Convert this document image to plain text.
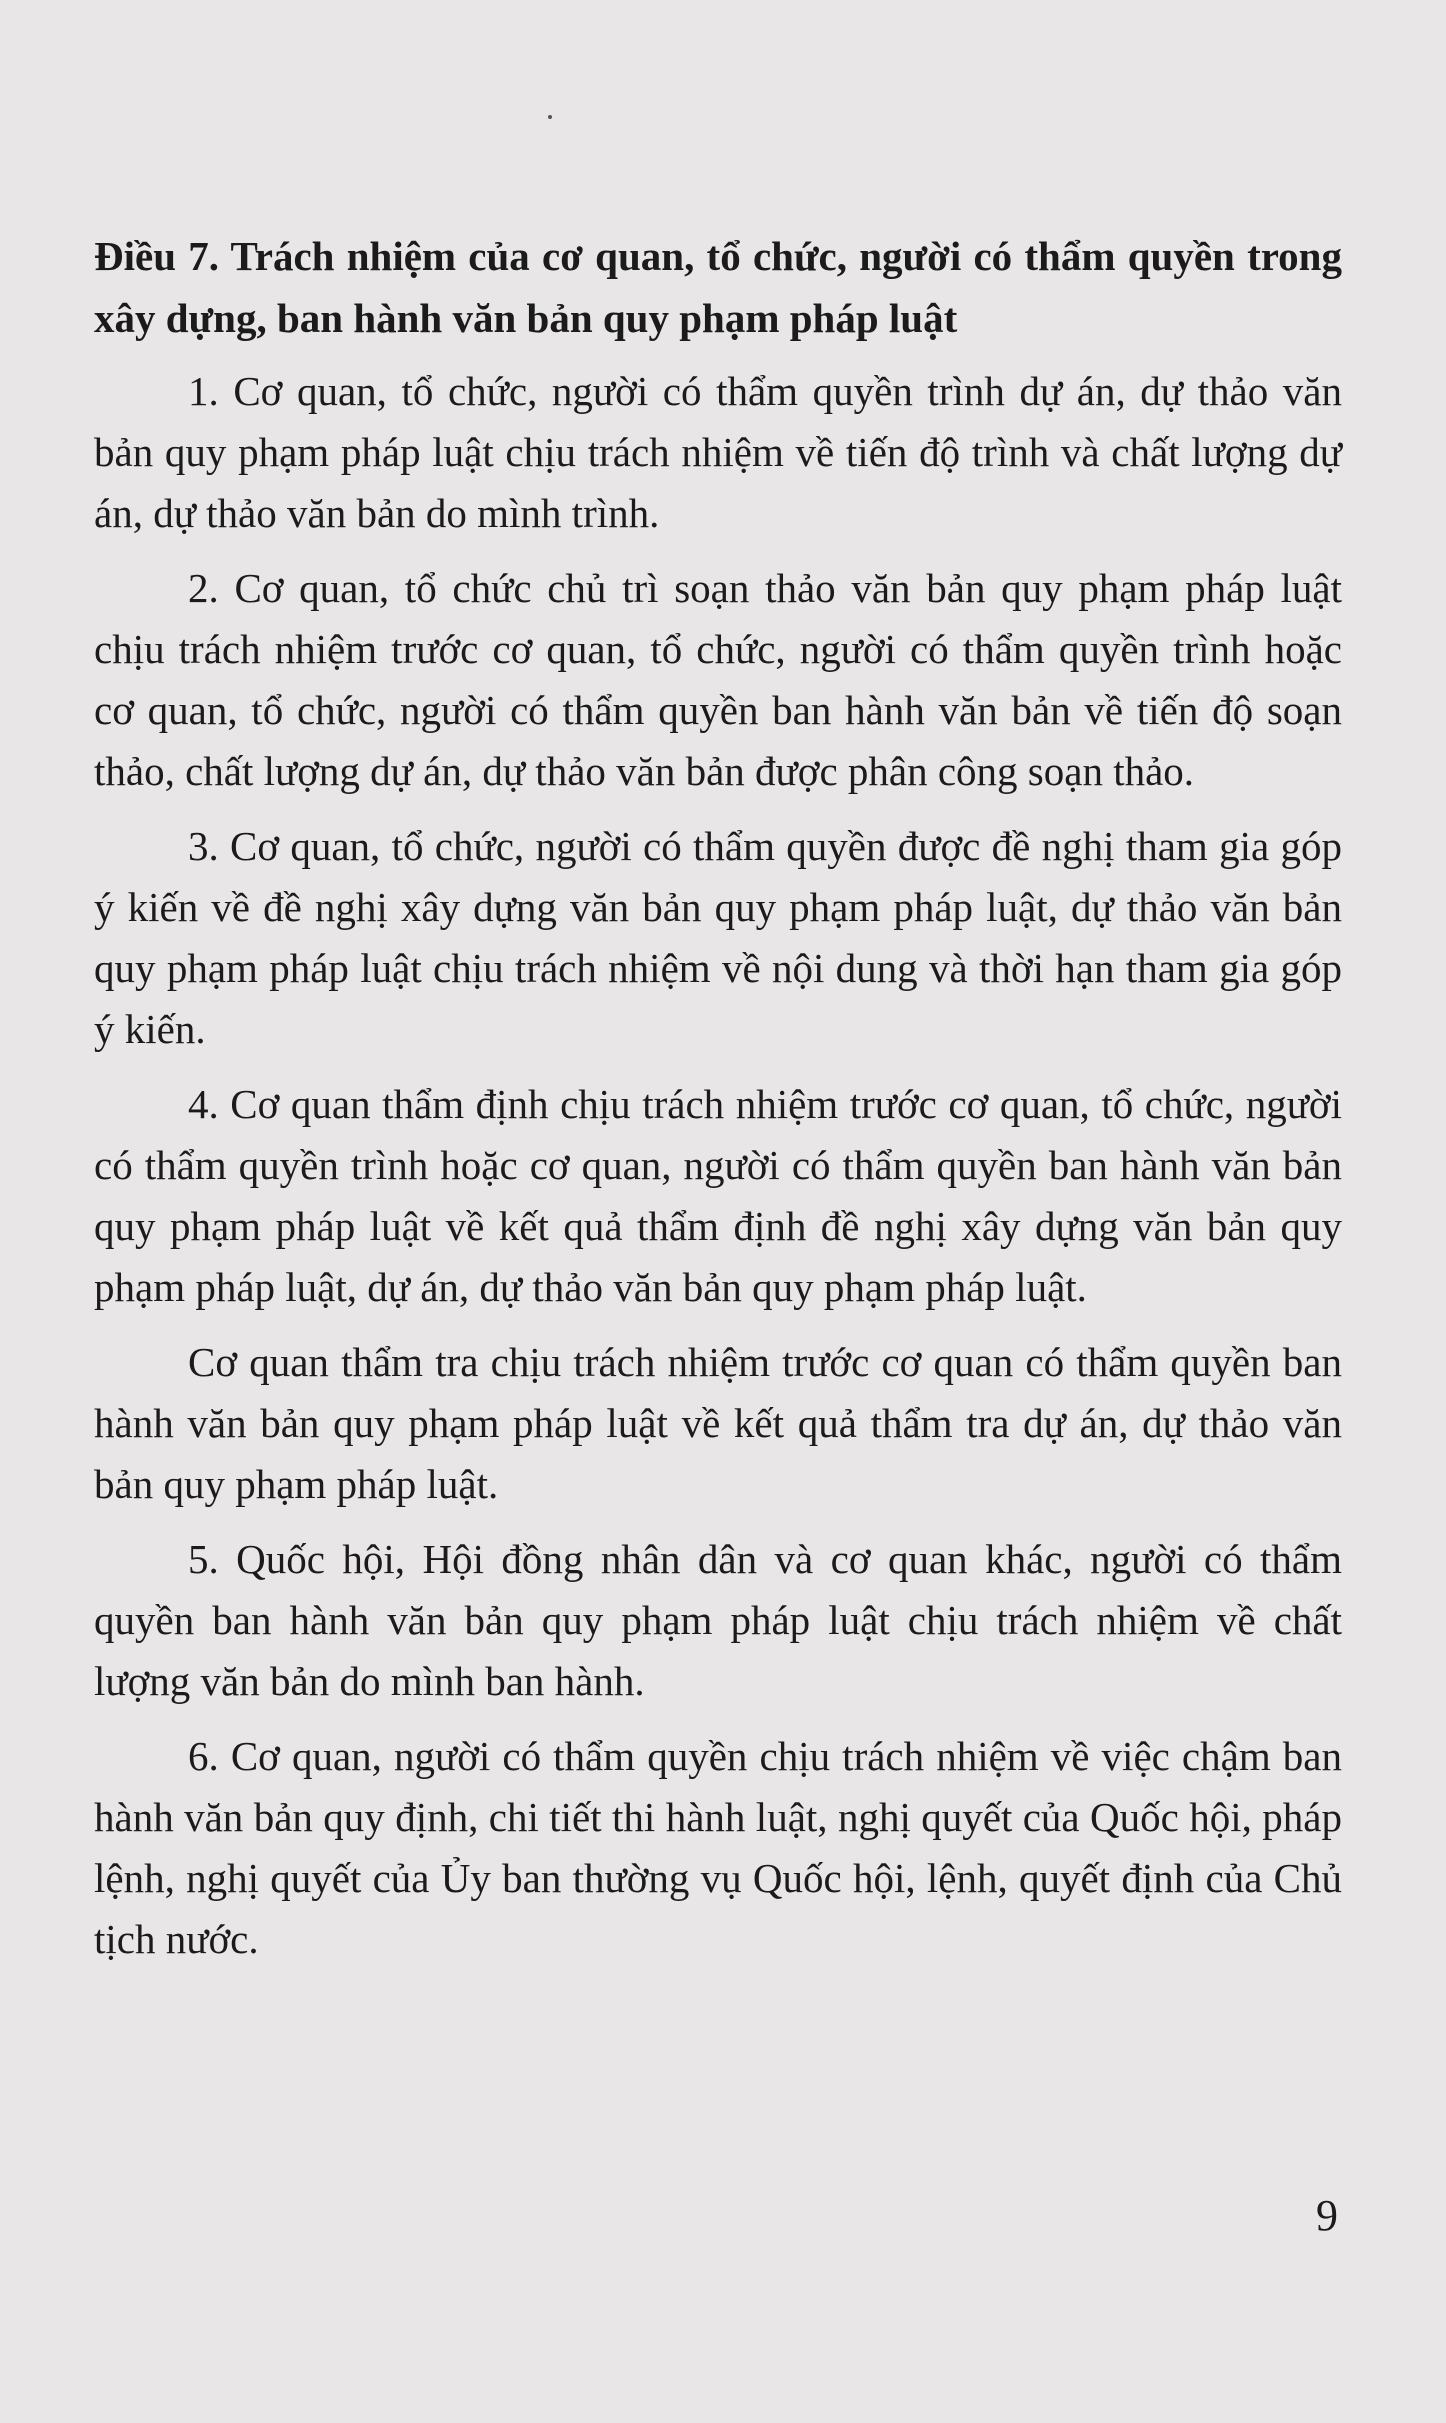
Điều 7. Trách nhiệm của cơ quan, tổ chức, người có thẩm quyền trong xây dựng, ban hành văn bản quy phạm pháp luật
1. Cơ quan, tổ chức, người có thẩm quyền trình dự án, dự thảo văn bản quy phạm pháp luật chịu trách nhiệm về tiến độ trình và chất lượng dự án, dự thảo văn bản do mình trình.
2. Cơ quan, tổ chức chủ trì soạn thảo văn bản quy phạm pháp luật chịu trách nhiệm trước cơ quan, tổ chức, người có thẩm quyền trình hoặc cơ quan, tổ chức, người có thẩm quyền ban hành văn bản về tiến độ soạn thảo, chất lượng dự án, dự thảo văn bản được phân công soạn thảo.
3. Cơ quan, tổ chức, người có thẩm quyền được đề nghị tham gia góp ý kiến về đề nghị xây dựng văn bản quy phạm pháp luật, dự thảo văn bản quy phạm pháp luật chịu trách nhiệm về nội dung và thời hạn tham gia góp ý kiến.
4. Cơ quan thẩm định chịu trách nhiệm trước cơ quan, tổ chức, người có thẩm quyền trình hoặc cơ quan, người có thẩm quyền ban hành văn bản quy phạm pháp luật về kết quả thẩm định đề nghị xây dựng văn bản quy phạm pháp luật, dự án, dự thảo văn bản quy phạm pháp luật.
Cơ quan thẩm tra chịu trách nhiệm trước cơ quan có thẩm quyền ban hành văn bản quy phạm pháp luật về kết quả thẩm tra dự án, dự thảo văn bản quy phạm pháp luật.
5. Quốc hội, Hội đồng nhân dân và cơ quan khác, người có thẩm quyền ban hành văn bản quy phạm pháp luật chịu trách nhiệm về chất lượng văn bản do mình ban hành.
6. Cơ quan, người có thẩm quyền chịu trách nhiệm về việc chậm ban hành văn bản quy định, chi tiết thi hành luật, nghị quyết của Quốc hội, pháp lệnh, nghị quyết của Ủy ban thường vụ Quốc hội, lệnh, quyết định của Chủ tịch nước.
9
